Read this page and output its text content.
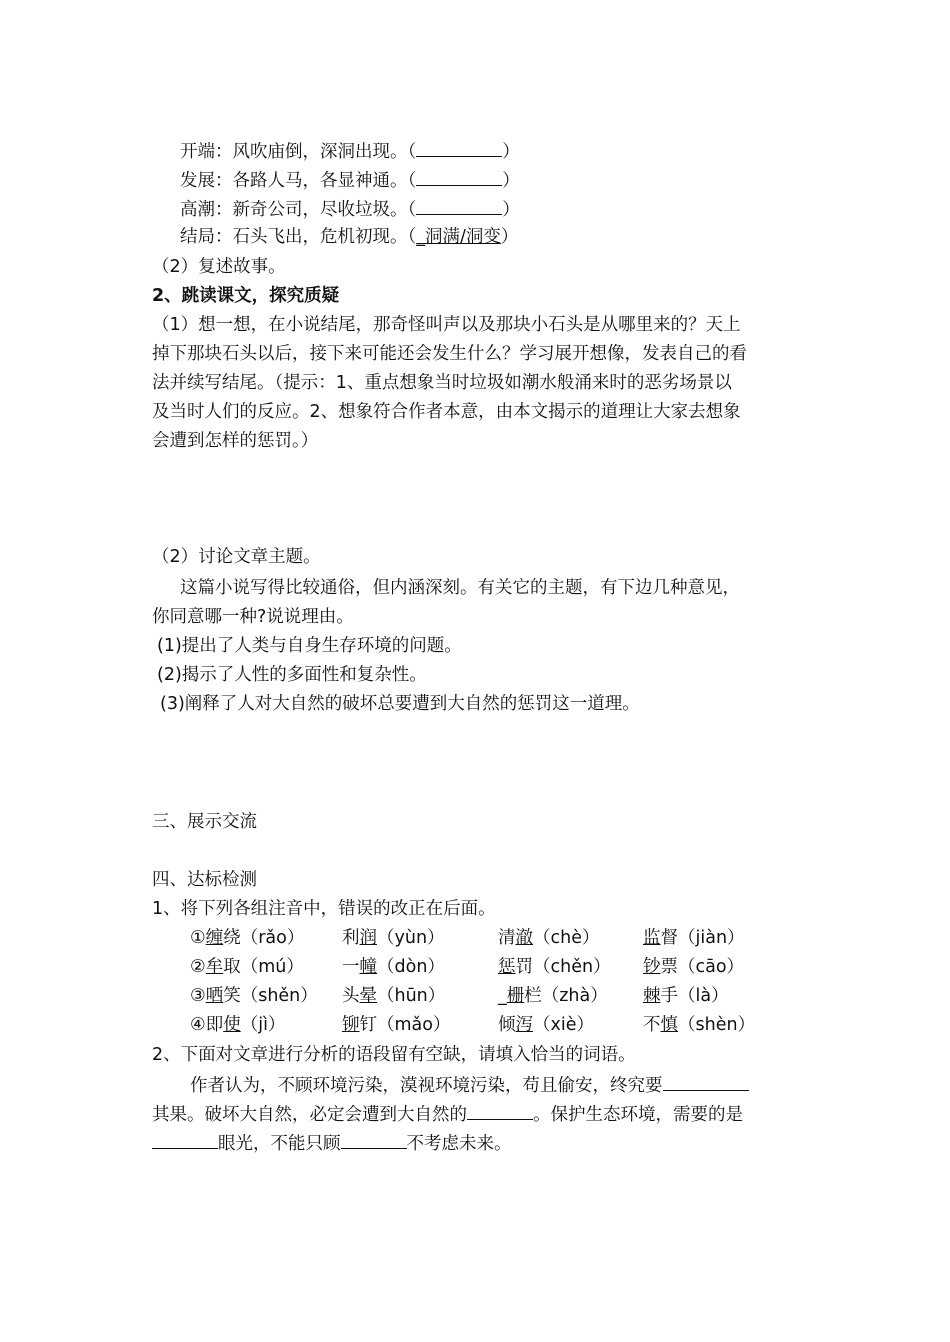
开端：风吹庙倒，深洞出现。（	）
发展：各路人马，各显神通。（	）
高潮：新奇公司，尽收垃圾。（	）
结局：石头飞出，危机初现。（_洞满/洞变）
（2）复述故事。
2、跳读课文，探究质疑
（1）想一想，在小说结尾，那奇怪叫声以及那块小石头是从哪里来的？天上
掉下那块石头以后，接下来可能还会发生什么？学习展开想像，发表自己的看
法并续写结尾。（提示：1、重点想象当时垃圾如潮水般涌来时的恶劣场景以
及当时人们的反应。2、想象符合作者本意，由本文揭示的道理让大家去想象
会遭到怎样的惩罚。）
（2）讨论文章主题。
这篇小说写得比较通俗，但内涵深刻。有关它的主题，有下边几种意见，
你同意哪一种?说说理由。
(1)提出了人类与自身生存环境的问题。
(2)揭示了人性的多面性和复杂性。
(3)阐释了人对大自然的破坏总要遭到大自然的惩罚这一道理。
三、展示交流
四、达标检测
1、将下列各组注音中，错误的改正在后面。
①缠绕（rǎo） 利润（yùn）	清澈（chè） 监督（jiàn）
②牟取（mú） 一幢（dòn）	惩罚（chěn） 钞票（cāo）
③哂笑（shěn） 头晕（hūn）	_栅栏（zhà） 棘手（là）
④即使（jì）	铆钉（mǎo）	倾泻（xiè）	不慎（shèn）
2、下面对文章进行分析的语段留有空缺，请填入恰当的词语。
作者认为，不顾环境污染，漠视环境污染，苟且偷安，终究要
其果。破坏大自然，必定会遭到大自然的	。保护生态环境，需要的是
眼光，不能只顾	不考虑未来。
